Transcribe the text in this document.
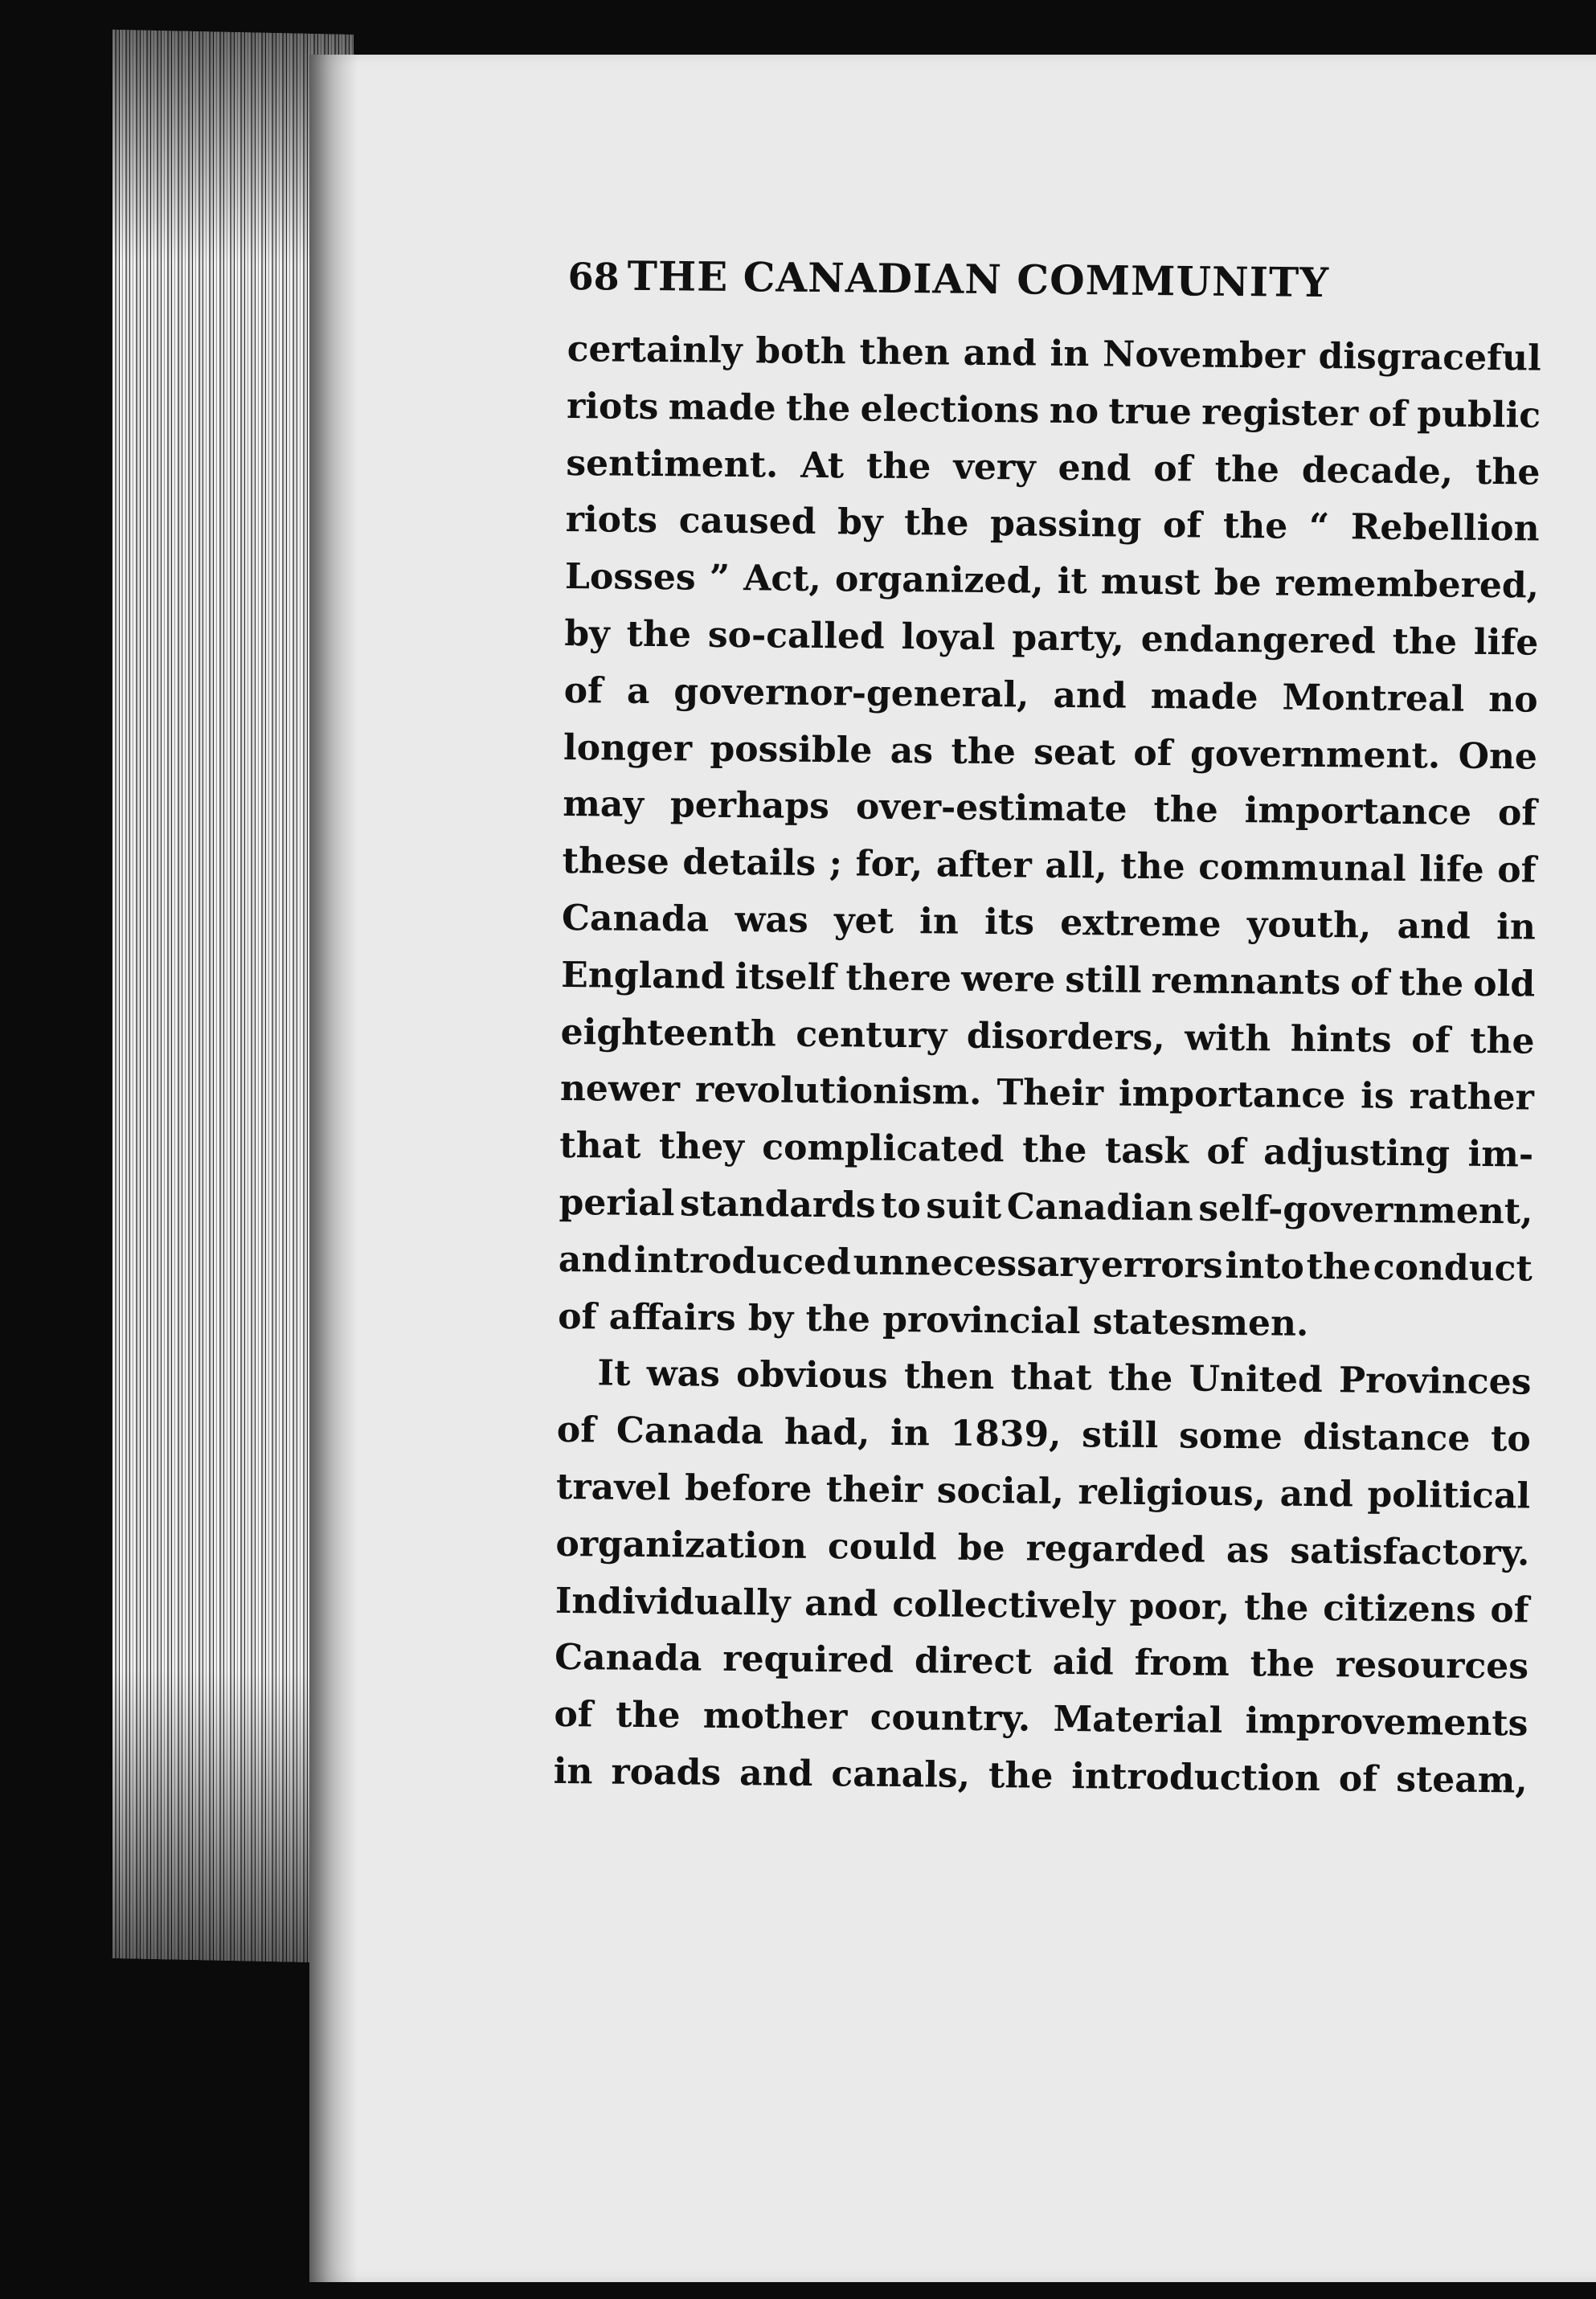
68 THE CANADIAN COMMUNITY
certainly both then and in November disgraceful
riots made the elections no true register of public
sentiment. At the very end of the decade, the
riots caused by the passing of the “ Rebellion
Losses ” Act, organized, it must be remembered,
by the so-called loyal party, endangered the life
of a governor-general, and made Montreal no
longer possible as the seat of government. One
may perhaps over-estimate the importance of
these details ; for, after all, the communal life of
Canada was yet in its extreme youth, and in
England itself there were still remnants of the old
eighteenth century disorders, with hints of the
newer revolutionism. Their importance is rather
that they complicated the task of adjusting im-
perial standards to suit Canadian self-government,
and introduced unnecessary errors into the conduct
of affairs by the provincial statesmen.
It was obvious then that the United Provinces
of Canada had, in 1839, still some distance to
travel before their social, religious, and political
organization could be regarded as satisfactory.
Individually and collectively poor, the citizens of
Canada required direct aid from the resources
of the mother country. Material improvements
in roads and canals, the introduction of steam,
